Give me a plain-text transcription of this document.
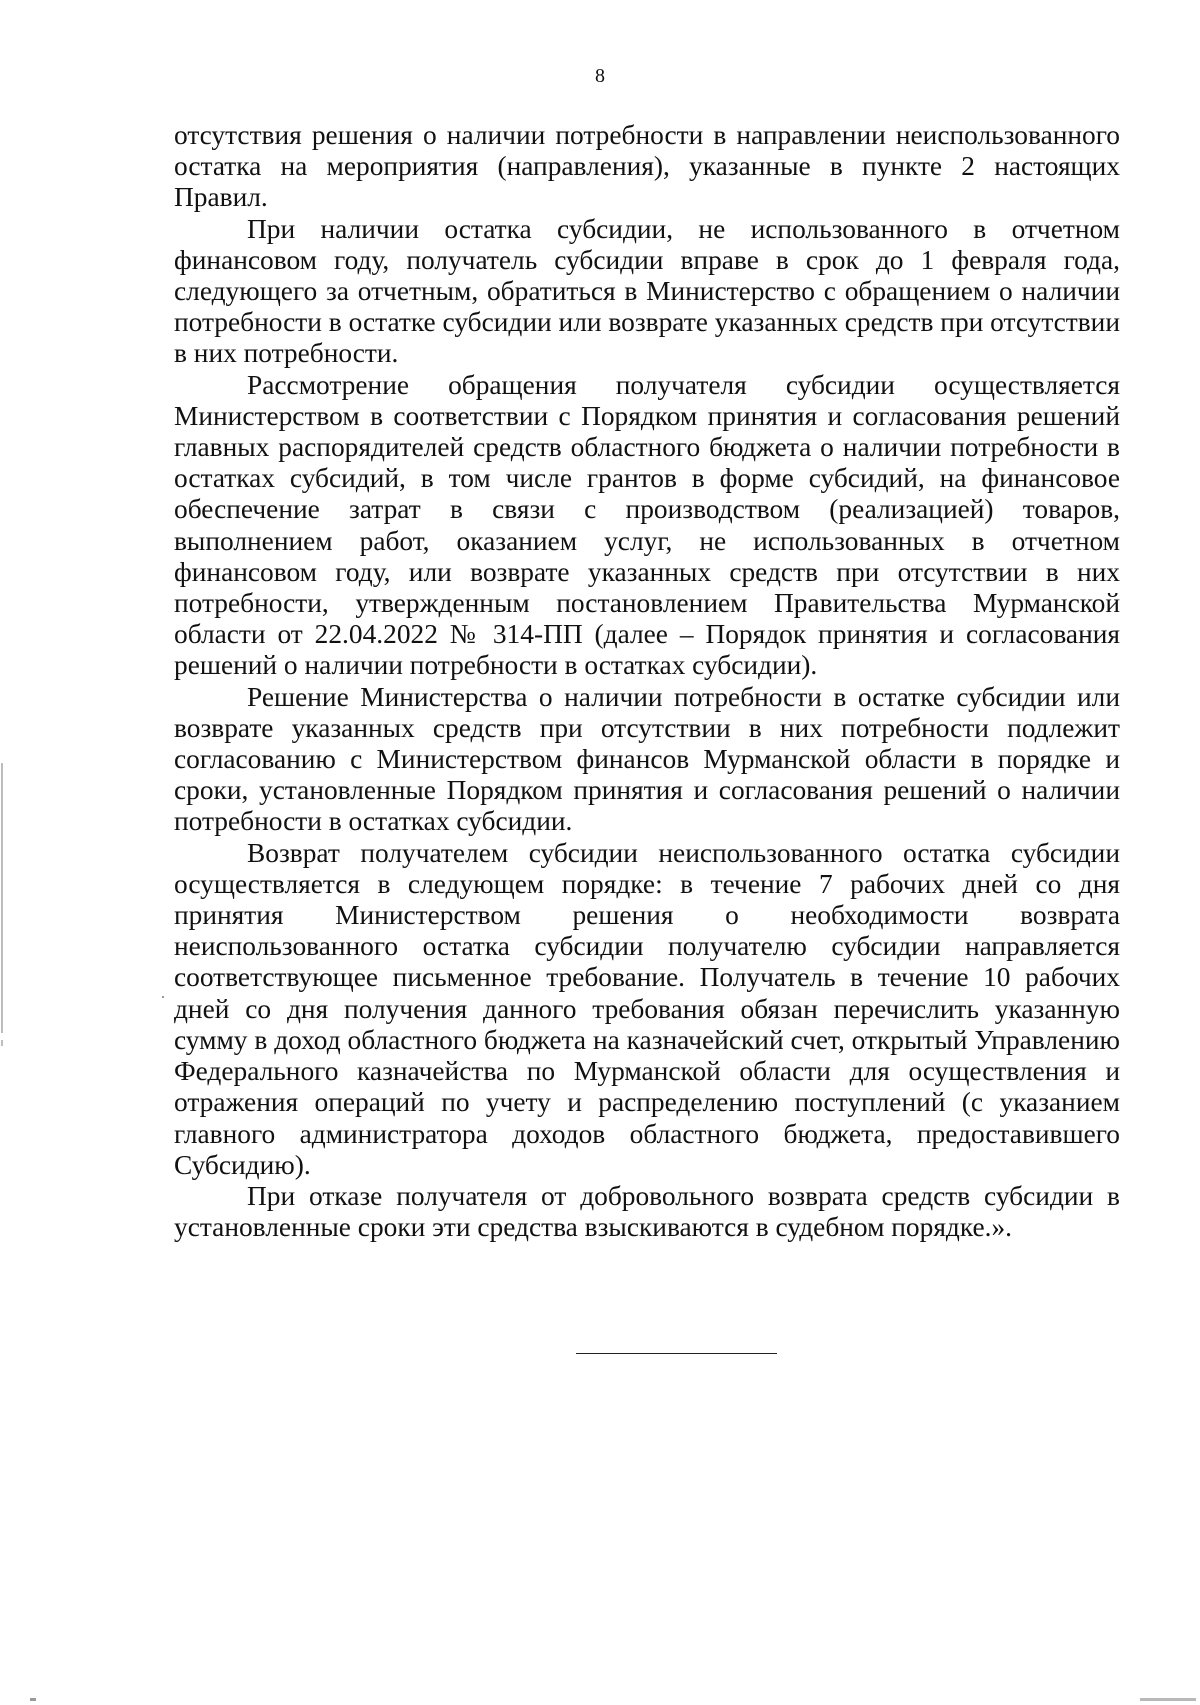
8

отсутствия решения о наличии потребности в направлении неиспользованного остатка на мероприятия (направления), указанные в пункте 2 настоящих Правил.

При наличии остатка субсидии, не использованного в отчетном финансовом году, получатель субсидии вправе в срок до 1 февраля года, следующего за отчетным, обратиться в Министерство с обращением о наличии потребности в остатке субсидии или возврате указанных средств при отсутствии в них потребности.

Рассмотрение обращения получателя субсидии осуществляется Министерством в соответствии с Порядком принятия и согласования решений главных распорядителей средств областного бюджета о наличии потребности в остатках субсидий, в том числе грантов в форме субсидий, на финансовое обеспечение затрат в связи с производством (реализацией) товаров, выполнением работ, оказанием услуг, не использованных в отчетном финансовом году, или возврате указанных средств при отсутствии в них потребности, утвержденным постановлением Правительства Мурманской области от 22.04.2022 № 314-ПП (далее – Порядок принятия и согласования решений о наличии потребности в остатках субсидии).

Решение Министерства о наличии потребности в остатке субсидии или возврате указанных средств при отсутствии в них потребности подлежит согласованию с Министерством финансов Мурманской области в порядке и сроки, установленные Порядком принятия и согласования решений о наличии потребности в остатках субсидии.

Возврат получателем субсидии неиспользованного остатка субсидии осуществляется в следующем порядке: в течение 7 рабочих дней со дня принятия Министерством решения о необходимости возврата неиспользованного остатка субсидии получателю субсидии направляется соответствующее письменное требование. Получатель в течение 10 рабочих дней со дня получения данного требования обязан перечислить указанную сумму в доход областного бюджета на казначейский счет, открытый Управлению Федерального казначейства по Мурманской области для осуществления и отражения операций по учету и распределению поступлений (с указанием главного администратора доходов областного бюджета, предоставившего Субсидию).

При отказе получателя от добровольного возврата средств субсидии в установленные сроки эти средства взыскиваются в судебном порядке.».
